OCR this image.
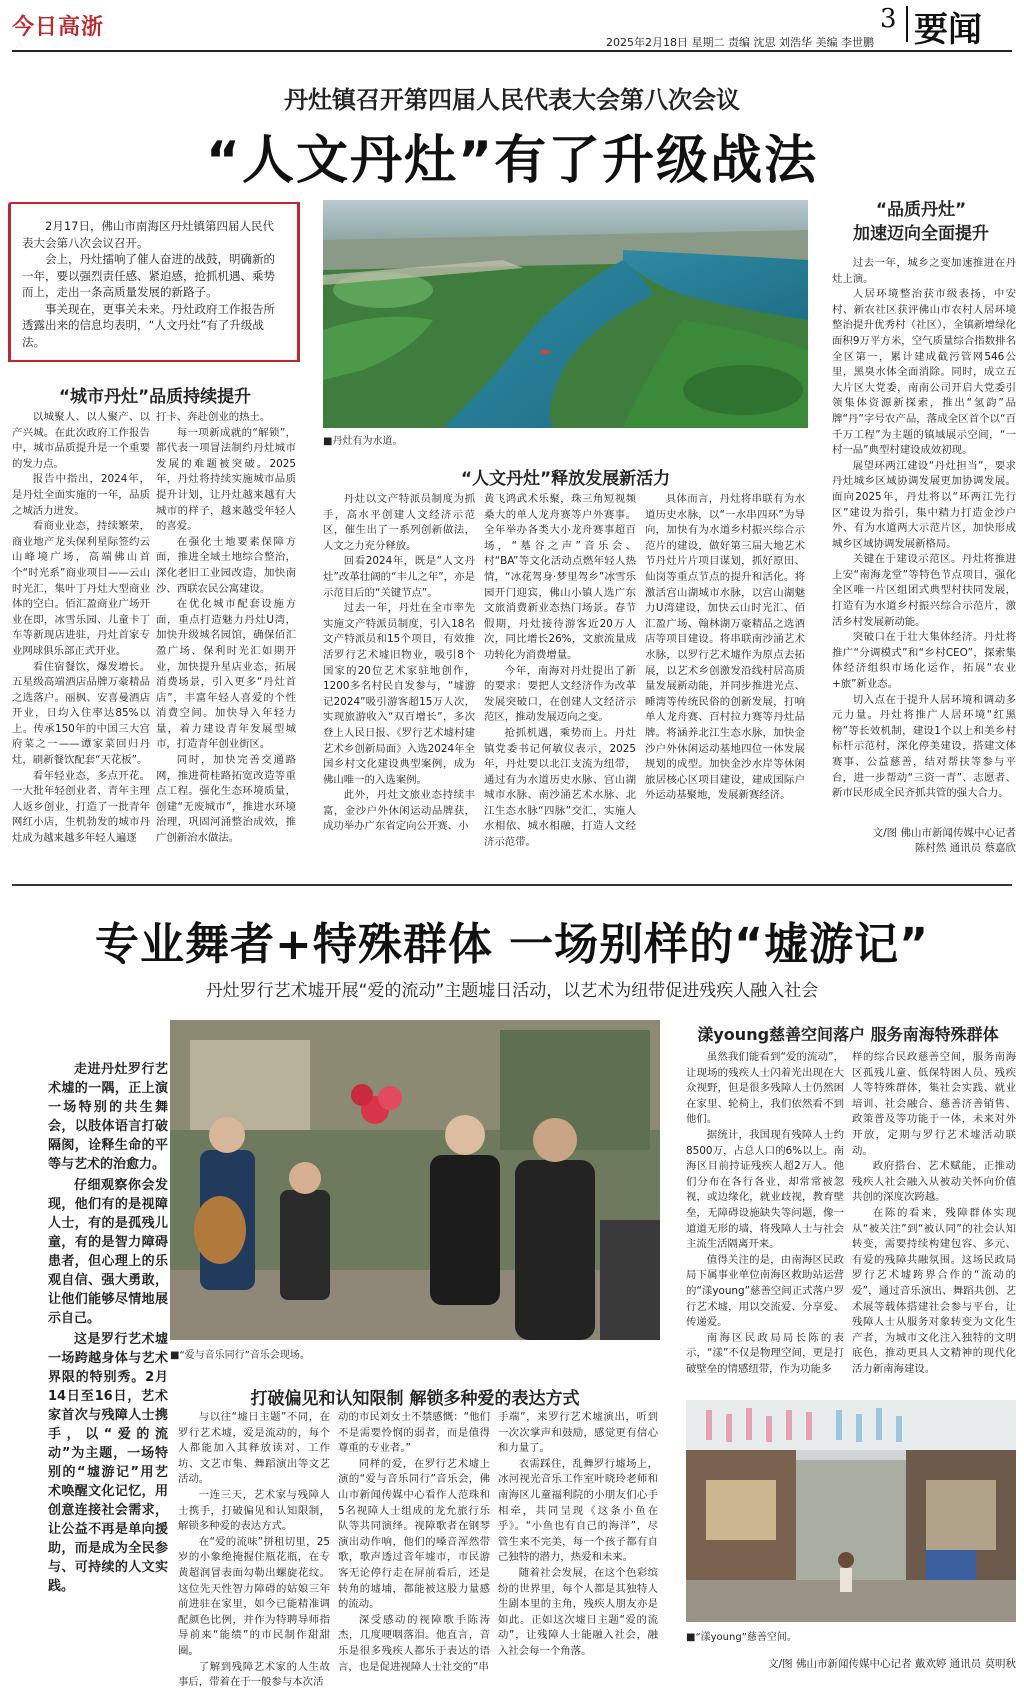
今日高浙
2025年2月18日 星期二 责编 沈思 刘浩华 美编 李世鹏
3 要闻
丹灶镇召开第四届人民代表大会第八次会议
“人文丹灶”有了升级战法

2月17日，佛山市南海区丹灶镇第四届人民代表大会第八次会议召开。

会上，丹灶擂响了催人奋进的战鼓，明确新的一年，要以强烈责任感、紧迫感，抢抓机遇、乘势而上，走出一条高质量发展的新路子。

事关现在，更事关未来。丹灶政府工作报告所透露出来的信息均表明，“人文丹灶”有了升级战法。

■丹灶有为水道。
“城市丹灶”品质持续提升

以城聚人、以人聚产、以产兴城。在此次政府工作报告中，城市品质提升是一个重要的发力点。

报告中指出，2024年，是丹灶全面实施的一年，品质之城活力迸发。

看商业业态，持续繁荣，商业地产龙头保利星际签约云山峰境广场，高端佛山首个“时光系”商业项目——云山时光汇，集叶丁丹灶大型商业体的空白。佰汇盈商业广场开业在即，冰雪乐园、儿童卡丁车等新现店进驻，丹灶首家专业网球俱乐部正式开业。

看住宿餐饮，爆发增长。五星级高端酒店品牌万豪精品之选落户。丽枫、安喜曼酒店开业，日均入住率达85%以上。传承150年的中国三大宫府菜之一——谭家菜回归丹灶，刷新餐饮配套“天花板”。

看年轻业态，多点开花。一大批年轻创业者、青年主理人返乡创业，打造了一批青年网红小店，生机勃发的城市丹灶成为越来越多年轻人遍逐

打卡、奔赴创业的热土。

每一项新成就的“解锁”，都代表一项冒法制约丹灶城市发展的难题被突破。2025年，丹灶将持续实施城市品质提升计划，让丹灶越来越有大城市的样子，越来越受年轻人的喜爱。

在强化土地要素保障方面，推进全域土地综合整治，深化老旧工业园改造，加快南沙、西联农民公寓建设。

在优化城市配套设施方面，重点打造魅力丹灶U湾，加快升级城名园馆，确保佰汇盈广场、保利时光汇如期开业，加快提升星店业态，拓展消费场景，引入更多“丹灶首店”，丰富年轻人喜爱的个性消费空间。加快导入年轻力量，着力建设青年发展型城市，打造青年创业街区。

同时，加快完善交通路网，推进荷桂路拓宽改造等重点工程。强化生态环境质量，创建“无废城市”，推进水环境治理，巩固河涌整治成效，推广创新治水做法。

“人文丹灶”释放发展新活力

丹灶以文产特派员制度为抓手，高水平创建人文经济示范区，催生出了一系列创新做法，人文之力充分释放。

回看2024年，既是“人文丹灶”改革壮阔的“丰儿之年”，亦是示范目后的“关键节点”。

过去一年，丹灶在全市率先实施文产特派员制度，引入18名文产特派员和15个项目，有效推活罗行艺术墟旧物业，吸引8个国家的20位艺术家驻地创作，1200多名村民自发参与，“墟游记2024”吸引游客超15万人次，实现旅游收入“双百增长”，多次登上人民日报、《罗行艺术墟村建艺术乡创新局面》入选2024年全国乡村文化建设典型案例，成为佛山唯一的入选案例。

此外，丹灶文旅业态持续丰富，金沙户外休闲运动品牌获，成功举办广东省定向公开赛、小

黄飞鸿武术乐聚，珠三角短视频桑大的单人龙舟赛等户外赛事。全年举办各类大小龙舟赛事超百场，“墓谷之声”音乐会、村“BA”等文化活动点燃年轻人热情，“冰花驾身·梦里驾乡”冰雪乐园开门迎宾，佛山小镇人选广东文旅消费新业态热门场景。春节假期，丹灶接待游客近20万人次，同比增长26%，文旅流量成功转化为消费增量。

今年，南海对丹灶提出了新的要求：要把人文经济作为改革发展突破口，在创建人文经济示范区，推动发展迈向之变。

抢抓机遇，乘势而上。丹灶镇党委书记何敏仪表示，2025年，丹灶要以北江支流为纽带，通过有为水道历史水脉、宫山湖城市水脉、南沙涌艺术水脉、北江生态水脉“四脉”交汇，实施人水相依、城水相融，打造人文经济示范带。

具体而言，丹灶将串联有为水道历史水脉，以“一水串四环”为导向，加快有为水道乡村振兴综合示范片的建设，做好第三届大地艺术节丹灶片片项目谋划，抓好原田、仙岗等重点节点的提升和活化。将激活宫山湖城市水脉，以宫山湖魅力U湾建设，加快云山时光汇、佰汇盈广场、翰林湖万豪精品之选酒店等项目建设。将串联南沙涌艺术水脉，以罗行艺术墟作为原点去拓展，以艺术乡创激发沿线村居高质量发展新动能，并同步推进光点、睡湾等传统民俗的创新发展，打响单人龙舟赛、百村拉力赛等丹灶品牌。将涵养北江生态水脉，加快金沙户外休闲运动基地四位一体发展规划的成型。加快金沙水岸等休闲旅居核心区项目建设，建成国际户外运动基聚地，发展新赛经济。

“品质丹灶”
加速迈向全面提升

过去一年，城乡之变加速推进在丹灶上演。

人居环境整治获市级表扬，中安村、新农社区获评佛山市农村人居环境整治提升优秀村（社区），全镇新增绿化面积9万平方米，空气质量综合指数排名全区第一，累计建成截污管网546公里，黑臭水体全面消除。同时，成立五大片区大党委，南南公司开启大党委引领集体资源新探索，推出“氢韵”品牌“丹”字号农产品，落成全区首个以“百千万工程”为主题的镇域展示空间，“一村一品”典型村建设成效初现。

展望环两江建设“丹灶担当”，要求丹灶城乡区域协调发展更加协调发展。面向2025年，丹灶将以“环两江先行区”建设为指引，集中精力打造金沙户外、有为水道两大示范片区，加快形成城乡区域协调发展新格局。

关键在于建设示范区。丹灶将推进上安“南海龙堂”等特色节点项目，强化全区唯一片区组团式典型村扶同发展，打造有为水道乡村振兴综合示范片，激活乡村发展新动能。

突破口在于壮大集体经济。丹灶将推广“分调模式”和“乡村CEO”，探索集体经济组织市场化运作，拓展“农业+旅”新业态。

切入点在于提升人居环境和调动多元力量。丹灶将推广人居环境“红黑榜”等长效机制，建设1个以上和美乡村标杆示范村，深化停美建设，搭建文体赛事、公益慈善，结对帮扶等参与平台，进一步帮动“三资一青”、志愿者、新市民形成全民齐抓共管的强大合力。

文/图 佛山市新闻传媒中心记者
陈村然 通讯员 蔡嘉欣
专业舞者+特殊群体 一场别样的“墟游记”
丹灶罗行艺术墟开展“爱的流动”主题墟日活动，以艺术为纽带促进残疾人融入社会

走进丹灶罗行艺术墟的一隅，正上演一场特别的共生舞会，以肢体语言打破隔阂，诠释生命的平等与艺术的治愈力。

仔细观察你会发现，他们有的是视障人士，有的是孤残儿童，有的是智力障碍患者，但心理上的乐观自信、强大勇敢，让他们能够尽情地展示自己。

这是罗行艺术墟一场跨越身体与艺术界限的特别秀。2月14日至16日，艺术家首次与残障人士携手，以“爱的流动”为主题，一场特别的“墟游记”用艺术唤醒文化记忆，用创意连接社会需求，让公益不再是单向援助，而是成为全民参与、可持续的人文实践。

■“爱与音乐同行”音乐会现场。
打破偏见和认知限制 解锁多种爱的表达方式

与以往“墟日主题”不同，在罗行艺术墟，爱是流动的，每个人都能加入其释放读对、工作坊、文艺市集、舞蹈演出等文艺活动。

一连三天，艺术家与残障人士携手，打破偏见和认知限制，解锁多种爱的表达方式。

在“爱的流味”拼租切里，25岁的小象绝掩握住瓶花瓶，在专黄超润冒表面勾勒出螺旋花纹。这位先天性智力障碍的姑娘三年前进驻在家里，如今已能精准调配颜色比例，并作为特聘导师指导前来“能绩”的市民制作甜甜圈。

了解到残障艺术家的人生故事后，带着在于一般参与本次活

动的市民刘女士不禁感慨：“他们不是需要怜悯的弱者，而是值得尊重的专业者。”

同样的爱，在罗行艺术墟上演的“爱与音乐同行”音乐会，佛山市新闻传媒中心看作人范珠和5名视障人士组成的龙允旅行乐队等共同演绎。视障歌者在钢琴演出动作响，他们的嗓音浑然带歌，歌声透过音年墟市，市民游客无论停行走在屏前看后，还是转角的墟埔，都能被这股力量感的流动。

深受感动的视障歌手陈涛杰，几度哽咽落泪。他直言，音乐是很多残疾人都乐于表达的语言，也是促进视障人士社交的“串

手端”，来罗行艺术墟演出，听到一次次掌声和鼓励，感觉更有信心和力量了。

衣需踩住，乱舞罗行墟场上，冰河视光音乐工作室叶晓玲老师和南海区儿童福利院的小朋友们心手相牵，共同呈现《这条小鱼在乎》。“小鱼也有自己的海洋”，尽管生来不完美，每一个孩子都有自己独特的潜力，热爱和未来。

随着社会发展，在这个色彩缤纷的世界里，每个人都是其独特人生剧本里的主角，残疾人朋友亦是如此。正如这次墟日主题“爱的流动”，让残障人士能融入社会，融入社会每一个角落。

漾young慈善空间落户 服务南海特殊群体

虽然我们能看到“爱的流动”，让现场的残疾人士闪着光出现在大众视野，但是很多残障人士仍然困在家里、轮椅上，我们依然看不到他们。

据统计，我国现有残障人士约8500万，占总人口的6%以上。南海区目前持证残疾人超2万人。他们分布在各行各业，却常常被忽视，或边缘化，就业歧视，教育壁垒，无障碍设施缺失等问题，像一道道无形的墙，将残障人士与社会主流生活隔离开来。

值得关注的是，由南海区民政局下属事业单位南海区救助站运营的“漾young”慈善空间正式落户罗行艺术墟，用以交流爱、分享爱、传递爱。

南海区民政局局长陈的表示，“漾”不仅是物理空间，更是打破壁垒的情感纽带，作为功能多

样的综合民政慈善空间，服务南海区孤残儿童、低保特困人员、残疾人等特殊群体，集社会实践、就业培训、社会融合、慈善济善销售、政策普及等功能于一体，未来对外开放，定期与罗行艺术墟活动联动。

政府搭台、艺术赋能，正推动残疾人社会融入从被动关怀向价值共创的深度次跨越。

在陈的看来，残障群体实现从“被关注”到“被认同”的社会认知转变，需要持续构建包容、多元、有爱的残障共融氛围。这场民政局罗行艺术墟跨界合作的“流动的爱”，通过音乐演出、舞蹈共创、艺术展等载体搭建社会参与平台，让残障人士从服务对象转变为文化生产者，为城市文化注入独特的文明底色，推动更具人文精神的现代化活力新南海建设。

■“漾young”慈善空间。
文/图 佛山市新闻传媒中心记者 戴欢婷 通讯员 莫明秋
